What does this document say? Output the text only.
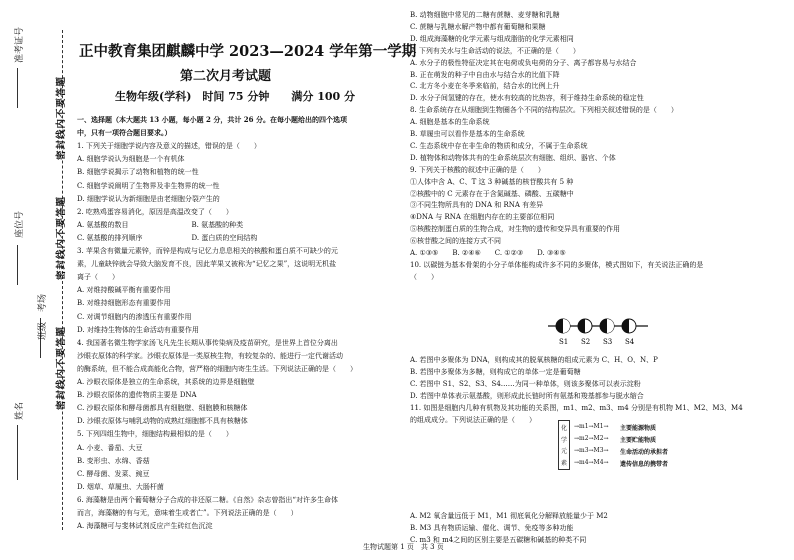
准考证号
座位号
考场
班级
姓名
密封线内不要答题
密封线内不要答题
密封线内不要答题
正中教育集团麒麟中学 2023—2024 学年第一学期
第二次月考试题
生物年级(学科)　时间 75 分钟　　满分 100 分
一、选择题（本大题共 13 小题，每小题 2 分，共计 26 分。在每小题给出的四个选项
中，只有一项符合题目要求。）
1. 下列关于细胞学说内容及意义的描述，错误的是（　　）
A. 细胞学说认为细胞是一个有机体
B. 细胞学说揭示了动物和植物的统一性
C. 细胞学说阐明了生物界及非生物界的统一性
D. 细胞学说认为新细胞是由老细胞分裂产生的
2. 吃熟鸡蛋容易消化，原因是高温改变了（　　）
A. 氨基酸的数目　　　　　　　　　B. 氨基酸的种类
C. 氨基酸的排列顺序　　　　　　　D. 蛋白质的空间结构
3. 苹果含有微量元素锌，而锌是构成与记忆力息息相关的核酸和蛋白质不可缺少的元
素，儿童缺锌就会导致大脑发育不良，因此苹果又被称为“记忆之果”，这说明无机盐
离子（　　）
A. 对维持酸碱平衡有重要作用
B. 对维持细胞形态有重要作用
C. 对调节细胞内的渗透压有重要作用
D. 对维持生物体的生命活动有重要作用
4. 我国著名微生物学家汤飞凡先生长期从事传染病及疫苗研究，是世界上首位分离出
沙眼衣原体的科学家。沙眼衣原体是一类原核生物，有较复杂的、能进行一定代谢活动
的酶系统，但不能合成高能化合物，营严格的细胞内寄生生活。下列说法正确的是（　　）
A. 沙眼衣原体是独立的生命系统，其系统的边界是细胞壁
B. 沙眼衣原体的遗传物质主要是 DNA
C. 沙眼衣原体和酵母菌都具有细胞壁、细胞膜和核糖体
D. 沙眼衣原体与哺乳动物的成熟红细胞都不具有核糖体
5. 下列四组生物中，细胞结构最相似的是（　　）
A. 小麦、番茄、大豆
B. 变形虫、水绵、香菇
C. 酵母菌、发菜、豌豆
D. 烟草、草履虫、大肠杆菌
6. 海藻糖是由两个葡萄糖分子合成的非还原二糖。《自然》杂志曾指出“对许多生命体
而言，海藻糖的有与无，意味着生或者亡”。下列说法正确的是（　　）
A. 海藻糖可与斐林试剂反应产生砖红色沉淀
B. 动物细胞中常见的二糖有蔗糖、麦芽糖和乳糖
C. 蔗糖与乳糖水解产物中都有葡萄糖和果糖
D. 组成海藻糖的化学元素与组成脂肪的化学元素相同
7. 下列有关水与生命活动的说法，不正确的是（　　）
A. 水分子的极性特征决定其在电荷或负电荷的分子、离子都容易与水结合
B. 正在萌发的种子中自由水与结合水的比值下降
C. 北方冬小麦在冬季来临前，结合水的比例上升
D. 水分子间氢键的存在，使水有较高的比热容，利于维持生命系统的稳定性
8. 生命系统存在从细胞到生物圈各个不同的结构层次。下列相关叙述错误的是（　　）
A. 细胞是基本的生命系统
B. 草履虫可以看作是基本的生命系统
C. 生态系统中存在非生命的物质和成分，不属于生命系统
D. 植物体和动物体共有的生命系统层次有细胞、组织、器官、个体
9. 下列关于核酸的叙述中正确的是（　　）
①人体中含 A、C、T 这 3 种碱基的核苷酸共有 5 种
②核酸中的 C 元素存在于含氮碱基、磷酸、五碳糖中
③不同生物所具有的 DNA 和 RNA 有差异
④DNA 与 RNA 在细胞内存在的主要部位相同
⑤核酸控制蛋白质的生物合成，对生物的遗传和变异具有重要的作用
⑥核苷酸之间的连接方式不同
A. ①③⑤　　B. ②④⑥　　C. ①②③　　D. ③④⑤
10. 以碳链为基本骨架的小分子单体能构成许多不同的多聚体，模式图如下，有关说法正确的是
（　　）
S1 S2 S3 S4
A. 若图中多聚体为 DNA，则构成其的脱氧核糖的组成元素为 C、H、O、N、P
B. 若图中多聚体为多糖，则构成它的单体一定是葡萄糖
C. 若图中 S1、S2、S3、S4……为同一种单体，则该多聚体可以表示淀粉
D. 若图中单体表示氨基酸，则形成此长链时所有氨基和羧基都参与脱水缩合
11. 如图是细胞内几种有机物及其功能的关系图，m1、m2、m3、m4 分别是有机物 M1、M2、M3、M4
的组成成分。下列说法正确的是（　　）
化
学
元
素
→m1→M1→ 主要能源物质
→m2→M2→ 主要贮能物质
→m3→M3→ 生命活动的承担者
→m4→M4→ 遗传信息的携带者
A. M2 氧含量远低于 M1，M1 彻底氧化分解释放能量少于 M2
B. M3 具有物质运输、催化、调节、免疫等多种功能
C. m3 和 m4之间的区别主要是五碳糖和碱基的种类不同
生物试题第 1 页　共 3 页
